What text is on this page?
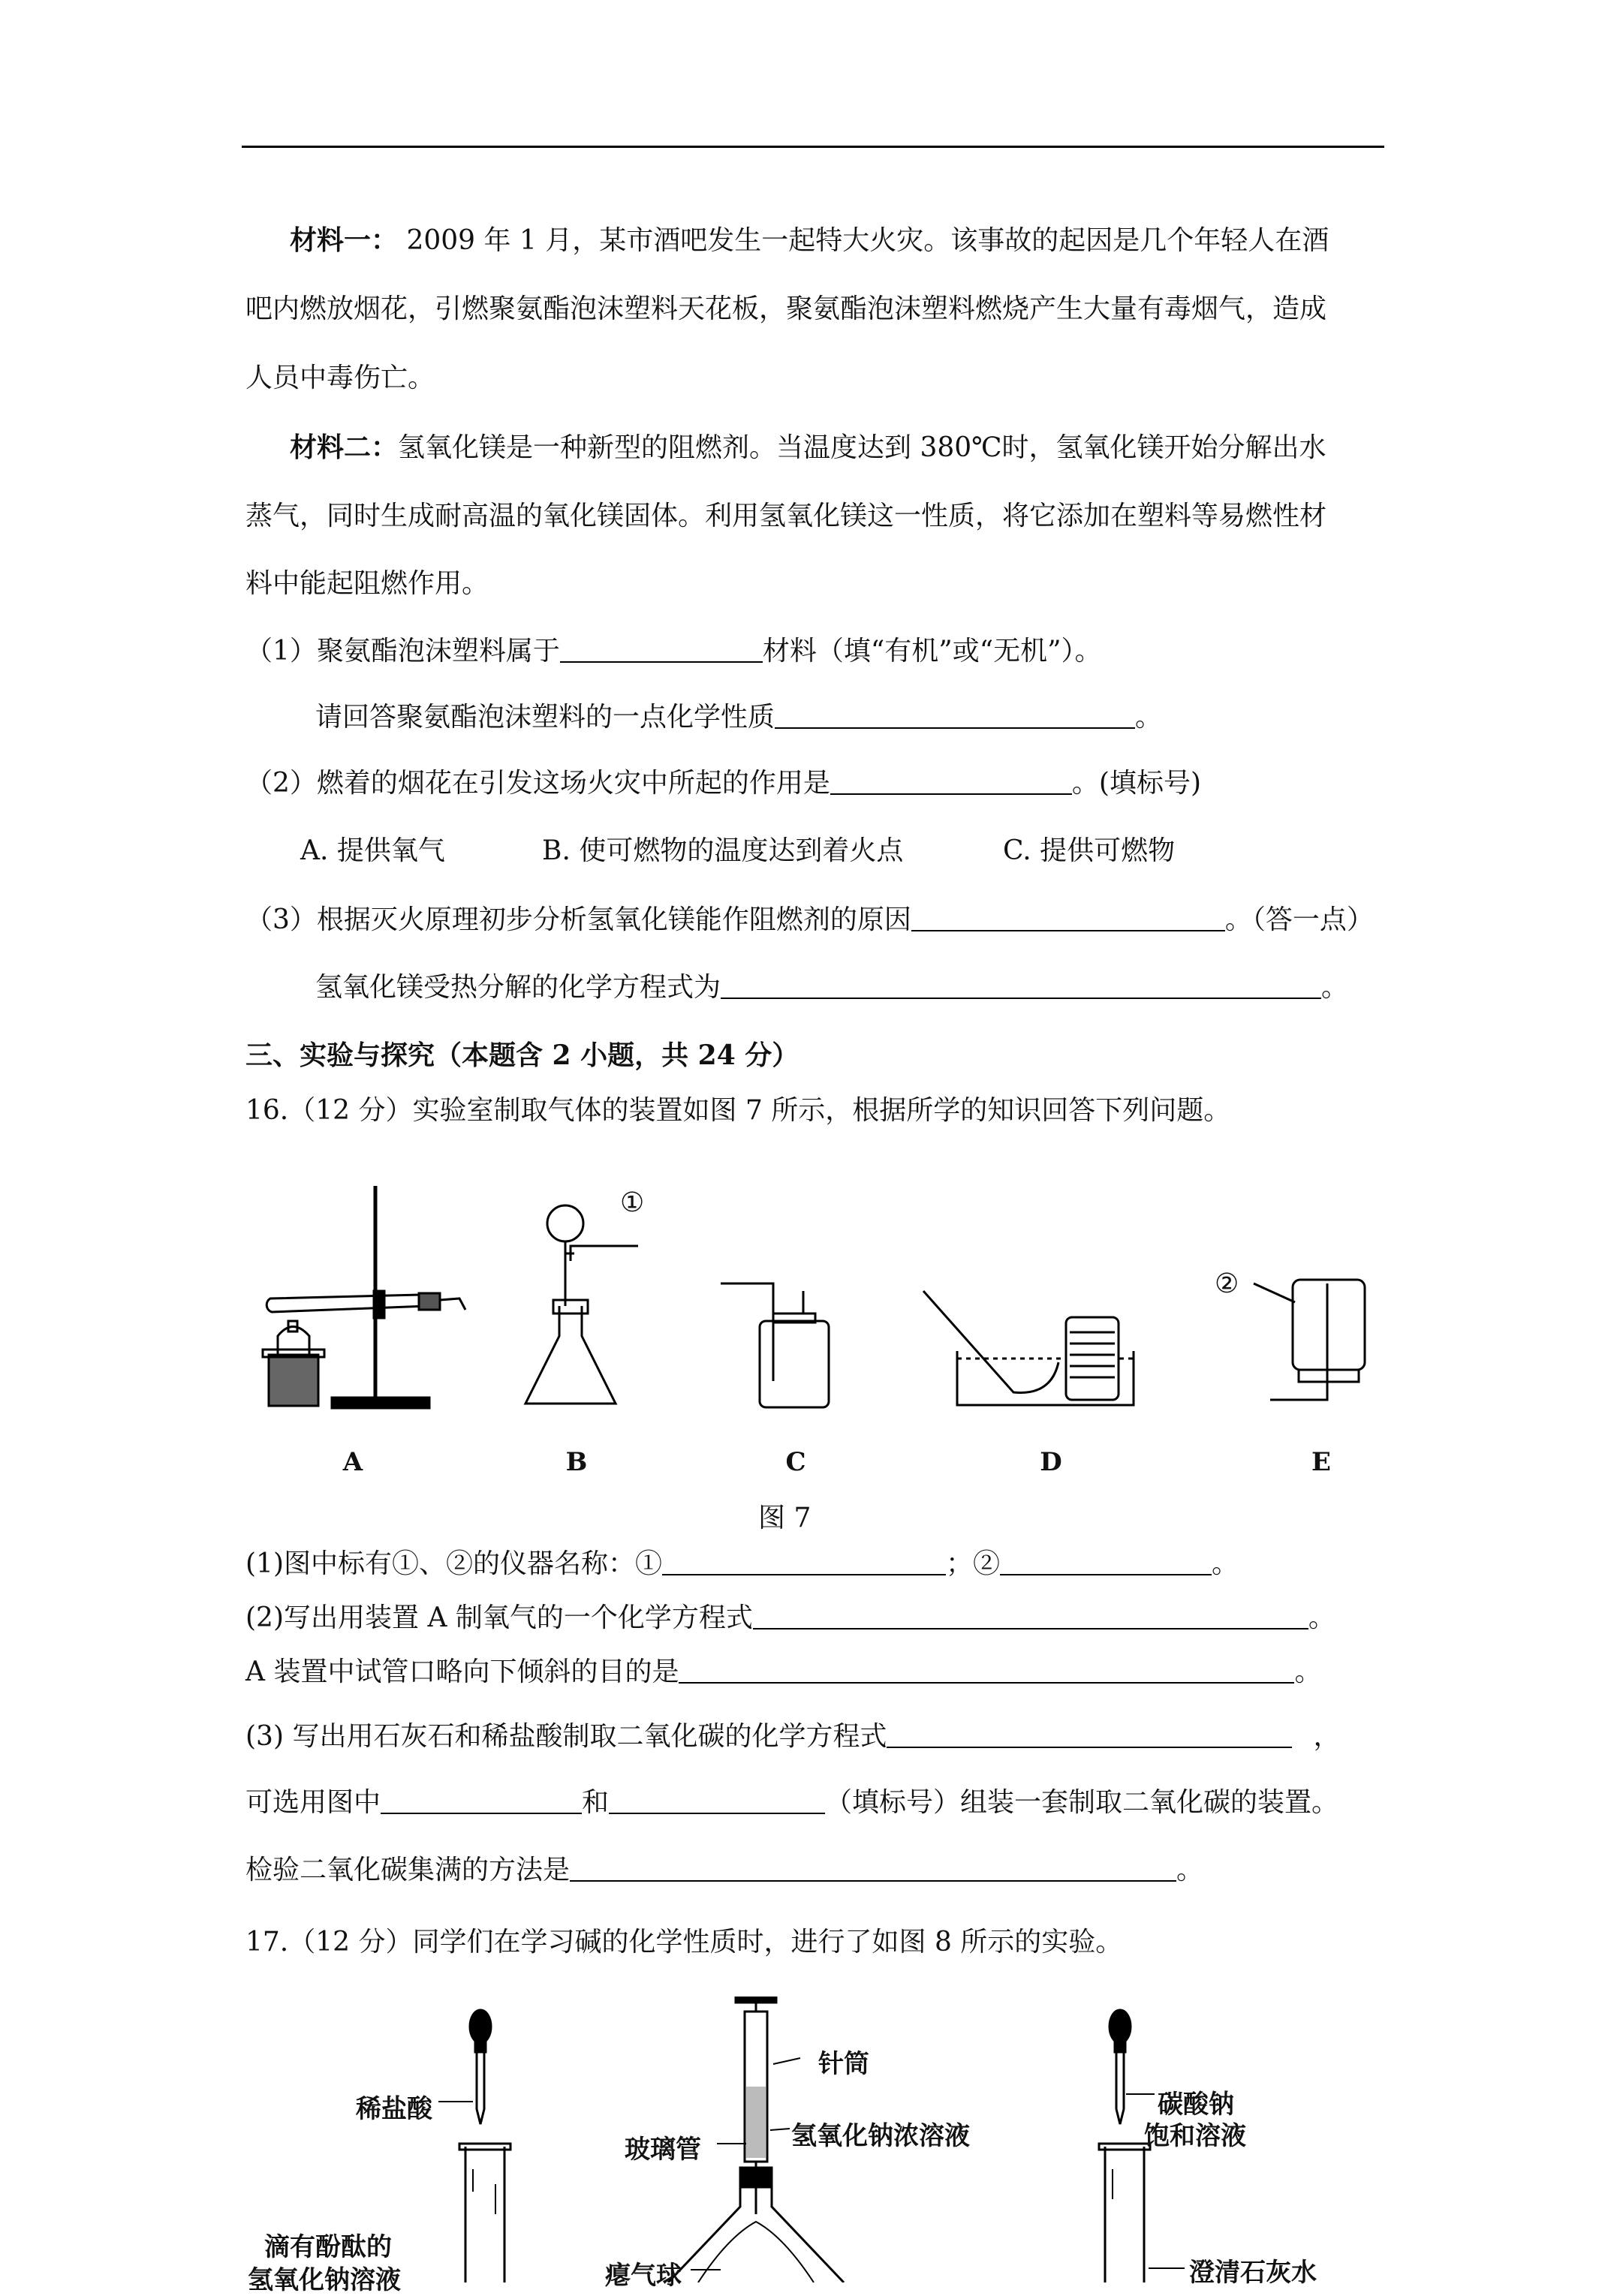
材料一： 2009 年 1 月，某市酒吧发生一起特大火灾。该事故的起因是几个年轻人在酒
吧内燃放烟花，引燃聚氨酯泡沫塑料天花板，聚氨酯泡沫塑料燃烧产生大量有毒烟气，造成
人员中毒伤亡。
材料二：氢氧化镁是一种新型的阻燃剂。当温度达到 380℃时，氢氧化镁开始分解出水
蒸气，同时生成耐高温的氧化镁固体。利用氢氧化镁这一性质，将它添加在塑料等易燃性材
料中能起阻燃作用。
（1）聚氨酯泡沫塑料属于	材料（填“有机”或“无机”）。
请回答聚氨酯泡沫塑料的一点化学性质	。
（2）燃着的烟花在引发这场火灾中所起的作用是	。(填标号)
A. 提供氧气	B. 使可燃物的温度达到着火点	C. 提供可燃物
（3）根据灭火原理初步分析氢氧化镁能作阻燃剂的原因	。（答一点）
氢氧化镁受热分解的化学方程式为	。
三、实验与探究（本题含 2 小题，共 24 分）
16.（12 分）实验室制取气体的装置如图 7 所示，根据所学的知识回答下列问题。
①
②
A	B	C	D	E
图 7
(1)图中标有①、②的仪器名称：①	；②	。
(2)写出用装置 A 制氧气的一个化学方程式	。
A 装置中试管口略向下倾斜的目的是	。
(3) 写出用石灰石和稀盐酸制取二氧化碳的化学方程式	，
可选用图中	和	（填标号）组装一套制取二氧化碳的装置。
检验二氧化碳集满的方法是	。
17.（12 分）同学们在学习碱的化学性质时，进行了如图 8 所示的实验。
稀盐酸
针筒
玻璃管	氢氧化钠浓溶液
碳酸钠
饱和溶液
滴有酚酞的
氢氧化钠溶液	瘪气球	澄清石灰水
